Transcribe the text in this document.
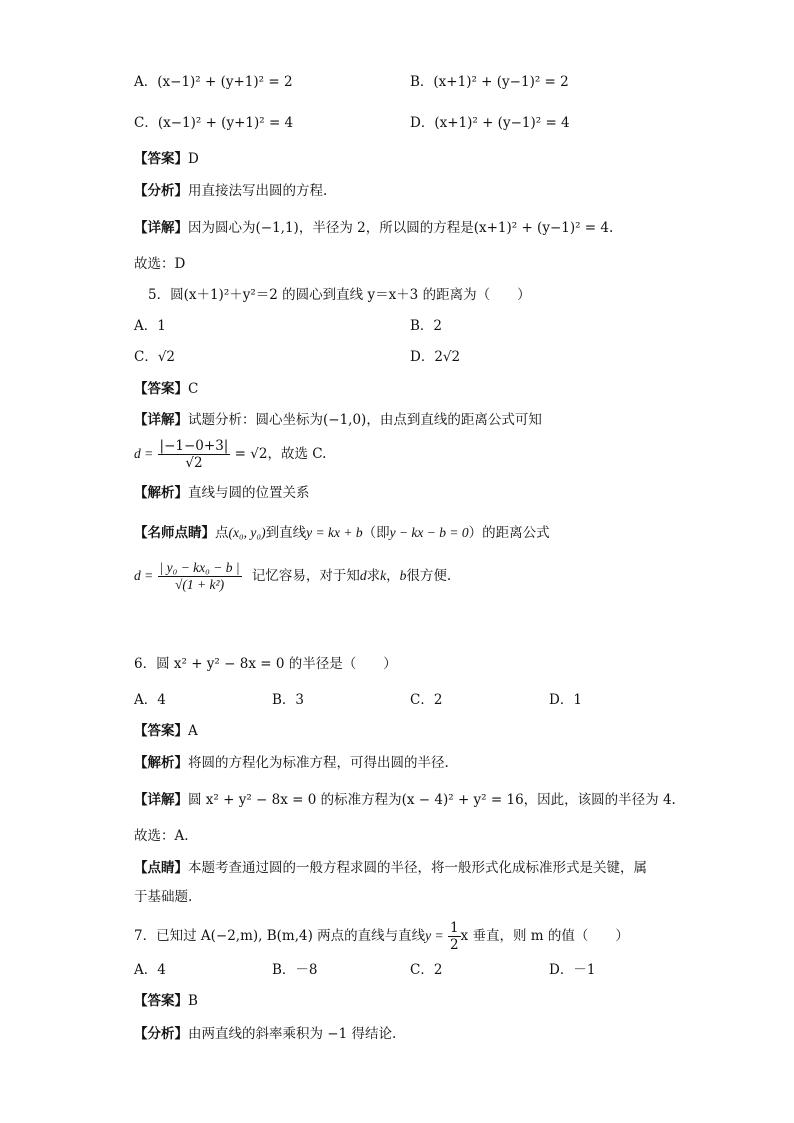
A．(x−1)² + (y+1)² = 2	B．(x+1)² + (y−1)² = 2
C．(x−1)² + (y+1)² = 4	D．(x+1)² + (y−1)² = 4
【答案】D
【分析】用直接法写出圆的方程.
【详解】因为圆心为(−1,1)，半径为 2，所以圆的方程是(x+1)² + (y−1)² = 4.
故选：D
5．圆(x＋1)²＋y²＝2 的圆心到直线 y＝x＋3 的距离为（　　）
A．1	B．2
C．√2	D．2√2
【答案】C
【详解】试题分析：圆心坐标为(−1,0)，由点到直线的距离公式可知
$d = \frac{|-1-0+3|}{√2} = √2$，故选 C.
【解析】直线与圆的位置关系
【名师点睛】点(x₀, y₀)到直线y = kx + b（即y − kx − b = 0）的距离公式
$d = \frac{\text{| y₀ − kx₀ − b |}}{\text{√(1 + k²)}}$ 记忆容易，对于知d求k，b很方便.
6．圆 x² + y² − 8x = 0 的半径是（　　）
A．4	B．3	C．2	D．1
【答案】A
【解析】将圆的方程化为标准方程，可得出圆的半径.
【详解】圆 x² + y² − 8x = 0 的标准方程为(x − 4)² + y² = 16，因此，该圆的半径为 4.
故选：A.
【点睛】本题考查通过圆的一般方程求圆的半径，将一般形式化成标准形式是关键，属
于基础题.
7．已知过 A(−2,m), B(m,4) 两点的直线与直线$y = \frac{1}{2}$ x 垂直，则 m 的值（　　）
A．4	B．－8	C．2	D．－1
【答案】B
【分析】由两直线的斜率乘积为 −1 得结论.
